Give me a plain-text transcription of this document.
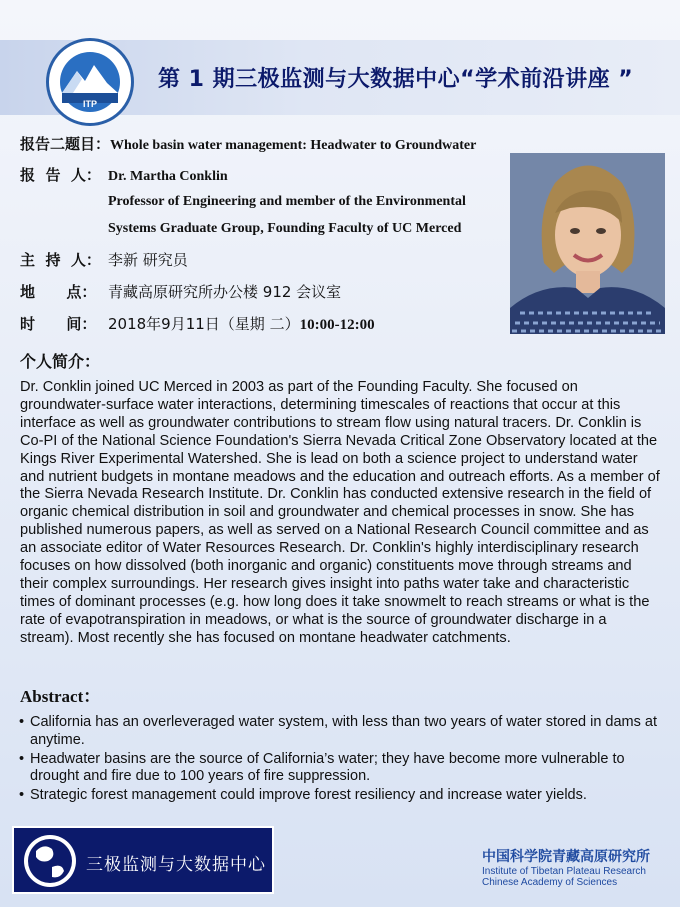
ITP
第 1 期三极监测与大数据中心“学术前沿讲座 ”
报告二题目：Whole basin water management: Headwater to Groundwater
报  告  人： Dr. Martha Conklin
Professor of Engineering and member of the Environmental
Systems Graduate Group, Founding Faculty of UC Merced
主  持  人： 李新 研究员
地      点： 青藏高原研究所办公楼 912 会议室
时      间： 2018年9月11日（星期 二）10:00-12:00
个人简介：

Dr. Conklin joined UC Merced in 2003 as part of the Founding Faculty. She focused on groundwater-surface water interactions, determining timescales of reactions that occur at this interface as well as groundwater contributions to stream flow using natural tracers. Dr. Conklin is Co-PI of the National Science Foundation's Sierra Nevada Critical Zone Observatory located at the Kings River Experimental Watershed. She is lead on both a science project to understand water and nutrient budgets in montane meadows and the education and outreach efforts. As a member of the Sierra Nevada Research Institute. Dr. Conklin has conducted extensive research in the field of organic chemical distribution in soil and groundwater and chemical processes in snow. She has published numerous papers, as well as served on a National Research Council committee and as an associate editor of Water Resources Research. Dr. Conklin's highly interdisciplinary research focuses on how dissolved (both inorganic and organic) constituents move through streams and their complex surroundings. Her research gives insight into paths water take and characteristic times of dominant processes (e.g. how long does it take snowmelt to reach streams or what is the rate of evapotranspiration in meadows, or what is the source of groundwater discharge in a stream). Most recently she has focused on montane headwater catchments.

Abstract：
• California has an overleveraged water system, with less than two years of water stored in dams at anytime.
• Headwater basins are the source of California’s water; they have become more vulnerable to drought and fire due to 100 years of fire suppression.
• Strategic forest management could improve forest resiliency and increase water yields.
三极监测与大数据中心	中国科学院青藏高原研究所
Institute of Tibetan Plateau Research
Chinese Academy of Sciences
